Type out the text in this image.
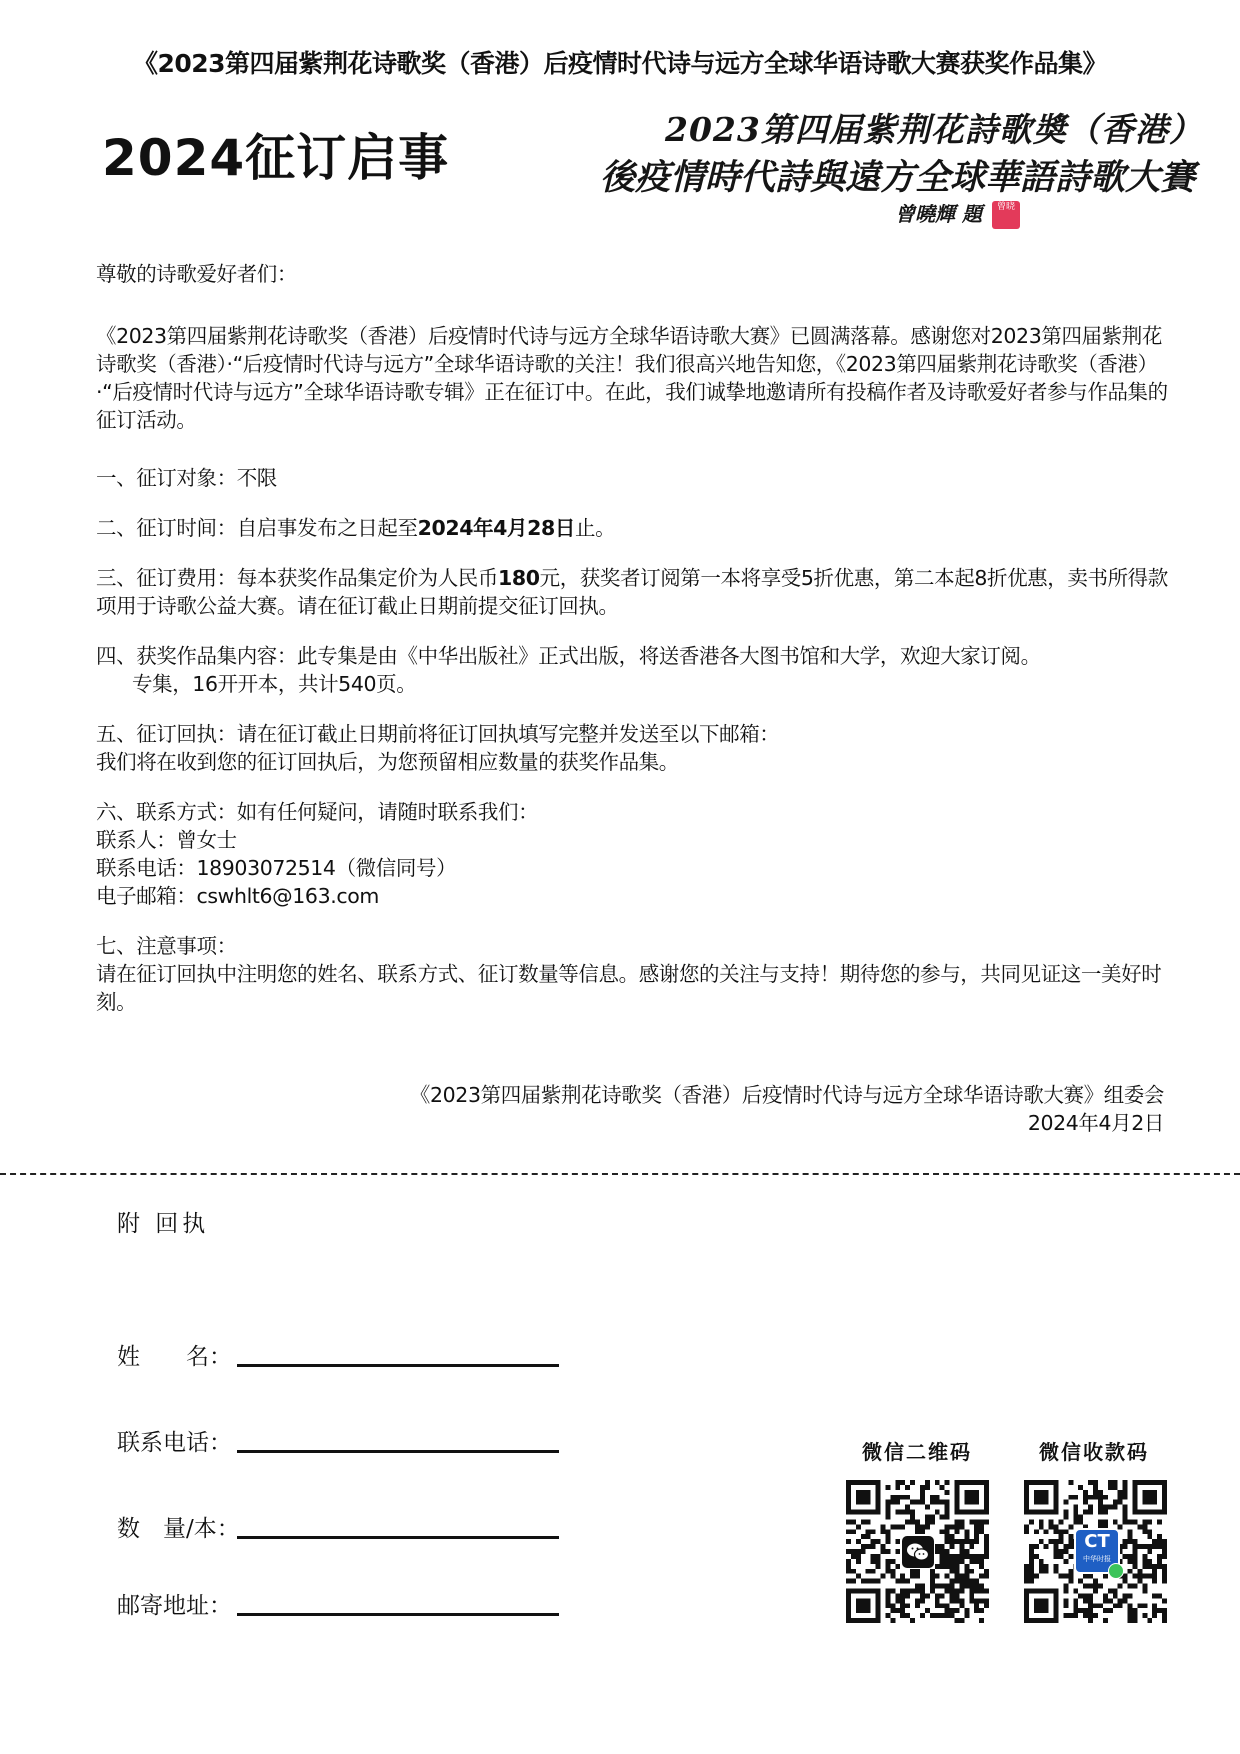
《2023第四届紫荆花诗歌奖（香港）后疫情时代诗与远方全球华语诗歌大赛获奖作品集》
2024征订启事	2023第四届紫荆花詩歌奬（香港）
後疫情時代詩與遠方全球華語詩歌大賽
曾曉輝 題	曾晓

尊敬的诗歌爱好者们：

《2023第四届紫荆花诗歌奖（香港）后疫情时代诗与远方全球华语诗歌大赛》已圆满落幕。感谢您对2023第四届紫荆花诗歌奖（香港）·“后疫情时代诗与远方”全球华语诗歌的关注！我们很高兴地告知您，《2023第四届紫荆花诗歌奖（香港）·“后疫情时代诗与远方”全球华语诗歌专辑》正在征订中。在此，我们诚挚地邀请所有投稿作者及诗歌爱好者参与作品集的征订活动。

一、征订对象：不限

二、征订时间：自启事发布之日起至2024年4月28日止。

三、征订费用：每本获奖作品集定价为人民币180元，获奖者订阅第一本将享受5折优惠，第二本起8折优惠，卖书所得款项用于诗歌公益大赛。请在征订截止日期前提交征订回执。

四、获奖作品集内容：此专集是由《中华出版社》正式出版，将送香港各大图书馆和大学，欢迎大家订阅。

专集，16开开本，共计540页。

五、征订回执：请在征订截止日期前将征订回执填写完整并发送至以下邮箱：

我们将在收到您的征订回执后，为您预留相应数量的获奖作品集。

六、联系方式：如有任何疑问，请随时联系我们：

联系人：曾女士

联系电话：18903072514（微信同号）

电子邮箱：cswhlt6@163.com

七、注意事项：

请在征订回执中注明您的姓名、联系方式、征订数量等信息。感谢您的关注与支持！期待您的参与，共同见证这一美好时刻。

《2023第四届紫荆花诗歌奖（香港）后疫情时代诗与远方全球华语诗歌大赛》组委会
2024年4月2日
附 回执
姓　　名：
联系电话：
数　量/本：
邮寄地址：
微信二维码	微信收款码
CT
中华时报
